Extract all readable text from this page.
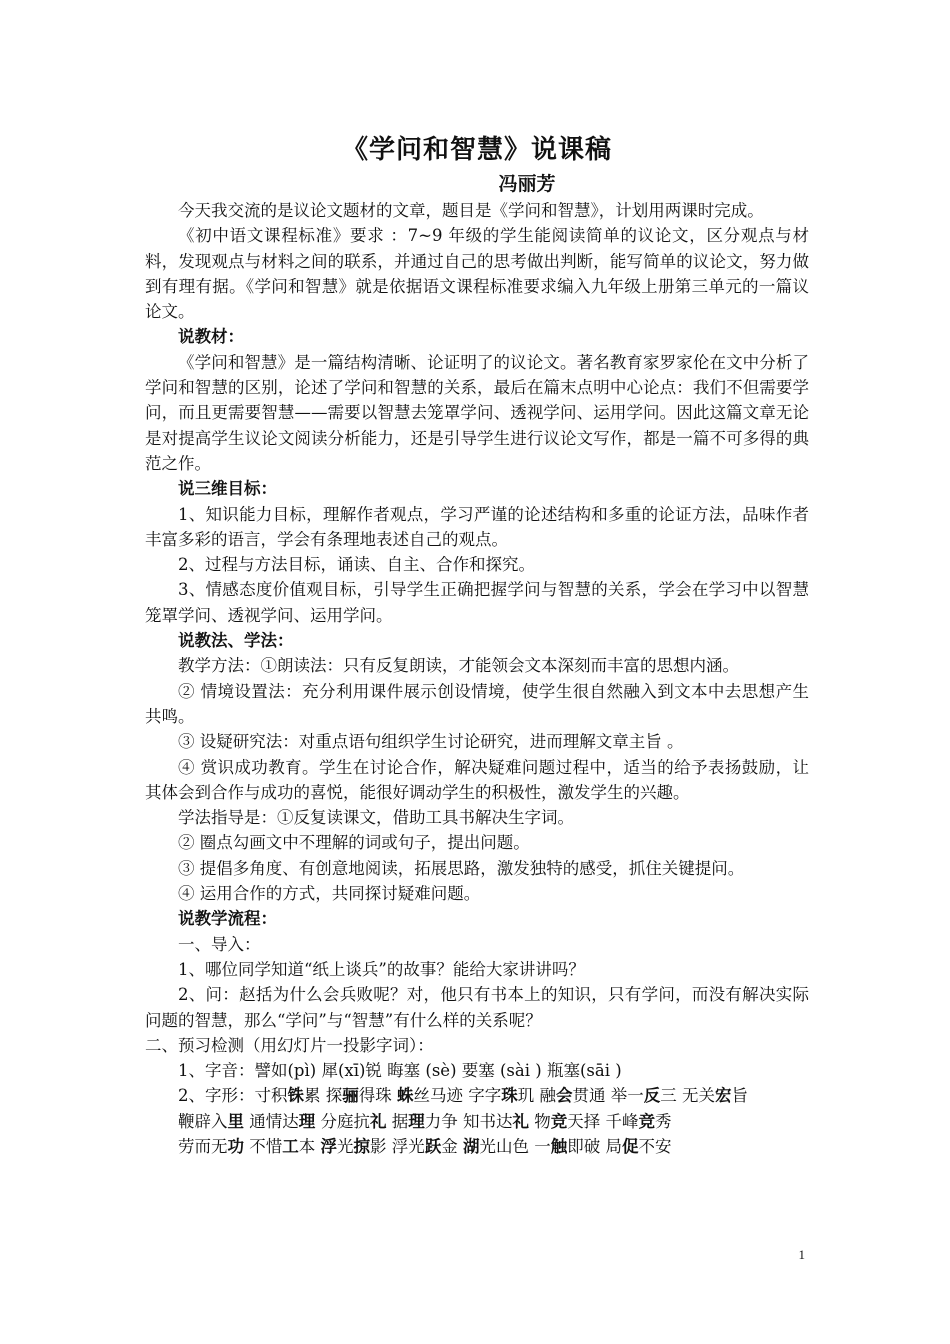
《学问和智慧》说课稿
冯丽芳

今天我交流的是议论文题材的文章，题目是《学问和智慧》，计划用两课时完成。

《初中语文课程标准》要求 ：7~9 年级的学生能阅读简单的议论文，区分观点与材料，发现观点与材料之间的联系，并通过自己的思考做出判断，能写简单的议论文，努力做到有理有据。《学问和智慧》就是依据语文课程标准要求编入九年级上册第三单元的一篇议论文。

说教材：

《学问和智慧》是一篇结构清晰、论证明了的议论文。著名教育家罗家伦在文中分析了学问和智慧的区别，论述了学问和智慧的关系，最后在篇末点明中心论点：我们不但需要学问，而且更需要智慧——需要以智慧去笼罩学问、透视学问、运用学问。因此这篇文章无论是对提高学生议论文阅读分析能力，还是引导学生进行议论文写作，都是一篇不可多得的典范之作。

说三维目标：

1、知识能力目标，理解作者观点，学习严谨的论述结构和多重的论证方法，品味作者丰富多彩的语言，学会有条理地表述自己的观点。

2、过程与方法目标，诵读、自主、合作和探究。

3、情感态度价值观目标，引导学生正确把握学问与智慧的关系，学会在学习中以智慧笼罩学问、透视学问、运用学问。

说教法、学法：

教学方法：①朗读法：只有反复朗读，才能领会文本深刻而丰富的思想内涵。

② 情境设置法：充分利用课件展示创设情境，使学生很自然融入到文本中去思想产生共鸣。

③ 设疑研究法：对重点语句组织学生讨论研究，进而理解文章主旨 。

④ 赏识成功教育。学生在讨论合作，解决疑难问题过程中，适当的给予表扬鼓励，让其体会到合作与成功的喜悦，能很好调动学生的积极性，激发学生的兴趣。

学法指导是：①反复读课文，借助工具书解决生字词。

② 圈点勾画文中不理解的词或句子，提出问题。

③ 提倡多角度、有创意地阅读，拓展思路，激发独特的感受，抓住关键提问。

④ 运用合作的方式，共同探讨疑难问题。

说教学流程：

一、导入：

1、哪位同学知道“纸上谈兵”的故事？能给大家讲讲吗？

2、问：赵括为什么会兵败呢？对，他只有书本上的知识，只有学问，而没有解决实际问题的智慧，那么“学问”与“智慧”有什么样的关系呢？

二、预习检测（用幻灯片一投影字词）：

1、字音：譬如(pì) 犀(xī)锐 晦塞 (sè) 要塞 (sài ) 瓶塞(sāi )

2、字形：寸积铢累 探骊得珠 蛛丝马迹 字字珠玑 融会贯通 举一反三 无关宏旨

鞭辟入里 通情达理 分庭抗礼 据理力争 知书达礼 物竞天择 千峰竞秀

劳而无功 不惜工本 浮光掠影 浮光跃金 湖光山色 一触即破 局促不安

1
